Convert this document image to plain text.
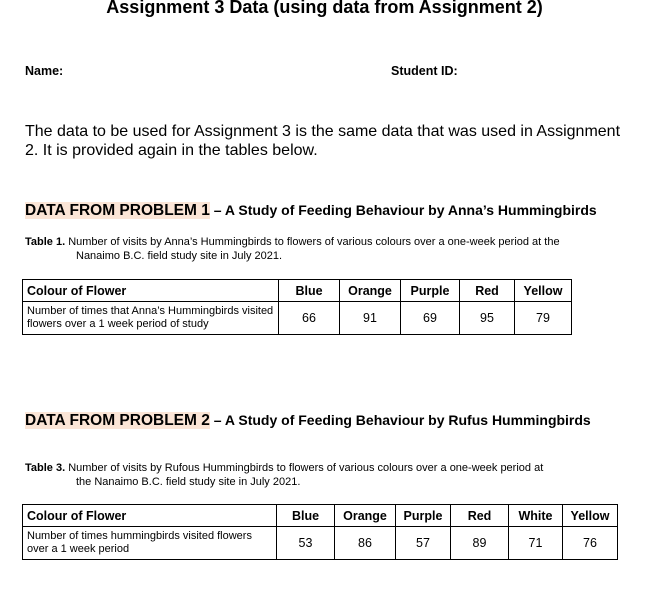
Assignment 3 Data (using data from Assignment 2)
Name:	Student ID:
The data to be used for Assignment 3 is the same data that was used in Assignment 2. It is provided again in the tables below.
DATA FROM PROBLEM 1 – A Study of Feeding Behaviour by Anna’s Hummingbirds
Table 1. Number of visits by Anna’s Hummingbirds to flowers of various colours over a one-week period at the
Nanaimo B.C. field study site in July 2021.
Colour of Flower	Blue	Orange	Purple	Red	Yellow
Number of times that Anna’s Hummingbirds visited flowers over a 1 week period of study	66	91	69	95	79
DATA FROM PROBLEM 2 – A Study of Feeding Behaviour by Rufus Hummingbirds
Table 3. Number of visits by Rufous Hummingbirds to flowers of various colours over a one-week period at
the Nanaimo B.C. field study site in July 2021.
Colour of Flower	Blue	Orange	Purple	Red	White	Yellow
Number of times hummingbirds visited flowers over a 1 week period	53	86	57	89	71	76
